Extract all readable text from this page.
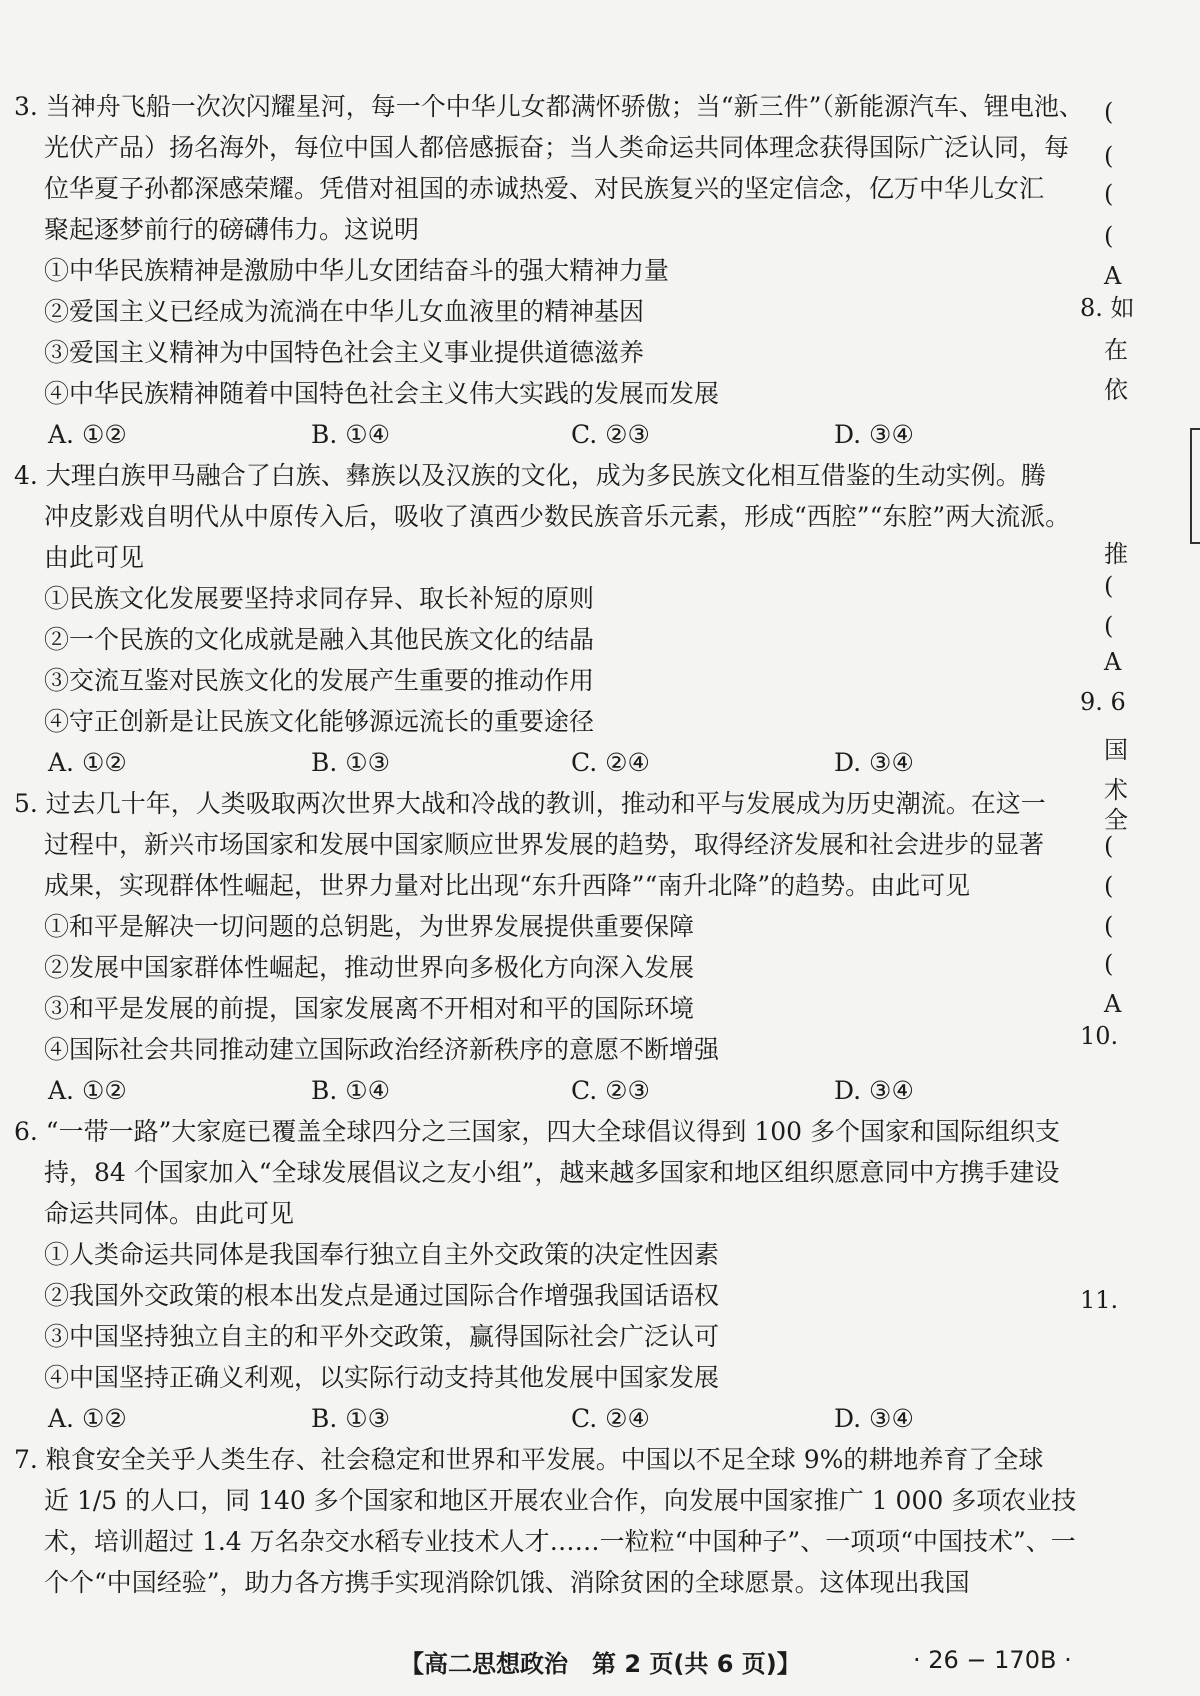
3. 当神舟飞船一次次闪耀星河，每一个中华儿女都满怀骄傲；当“新三件”（新能源汽车、锂电池、
光伏产品）扬名海外，每位中国人都倍感振奋；当人类命运共同体理念获得国际广泛认同，每
位华夏子孙都深感荣耀。凭借对祖国的赤诚热爱、对民族复兴的坚定信念，亿万中华儿女汇
聚起逐梦前行的磅礴伟力。这说明
①中华民族精神是激励中华儿女团结奋斗的强大精神力量
②爱国主义已经成为流淌在中华儿女血液里的精神基因
③爱国主义精神为中国特色社会主义事业提供道德滋养
④中华民族精神随着中国特色社会主义伟大实践的发展而发展
A. ①②	B. ①④	C. ②③	D. ③④
4. 大理白族甲马融合了白族、彝族以及汉族的文化，成为多民族文化相互借鉴的生动实例。腾
冲皮影戏自明代从中原传入后，吸收了滇西少数民族音乐元素，形成“西腔”“东腔”两大流派。
由此可见
①民族文化发展要坚持求同存异、取长补短的原则
②一个民族的文化成就是融入其他民族文化的结晶
③交流互鉴对民族文化的发展产生重要的推动作用
④守正创新是让民族文化能够源远流长的重要途径
A. ①②	B. ①③	C. ②④	D. ③④
5. 过去几十年，人类吸取两次世界大战和冷战的教训，推动和平与发展成为历史潮流。在这一
过程中，新兴市场国家和发展中国家顺应世界发展的趋势，取得经济发展和社会进步的显著
成果，实现群体性崛起，世界力量对比出现“东升西降”“南升北降”的趋势。由此可见
①和平是解决一切问题的总钥匙，为世界发展提供重要保障
②发展中国家群体性崛起，推动世界向多极化方向深入发展
③和平是发展的前提，国家发展离不开相对和平的国际环境
④国际社会共同推动建立国际政治经济新秩序的意愿不断增强
A. ①②	B. ①④	C. ②③	D. ③④
6. “一带一路”大家庭已覆盖全球四分之三国家，四大全球倡议得到 100 多个国家和国际组织支
持，84 个国家加入“全球发展倡议之友小组”，越来越多国家和地区组织愿意同中方携手建设
命运共同体。由此可见
①人类命运共同体是我国奉行独立自主外交政策的决定性因素
②我国外交政策的根本出发点是通过国际合作增强我国话语权
③中国坚持独立自主的和平外交政策，赢得国际社会广泛认可
④中国坚持正确义利观，以实际行动支持其他发展中国家发展
A. ①②	B. ①③	C. ②④	D. ③④
7. 粮食安全关乎人类生存、社会稳定和世界和平发展。中国以不足全球 9%的耕地养育了全球
近 1/5 的人口，同 140 多个国家和地区开展农业合作，向发展中国家推广 1 000 多项农业技
术，培训超过 1.4 万名杂交水稻专业技术人才……一粒粒“中国种子”、一项项“中国技术”、一
个个“中国经验”，助力各方携手实现消除饥饿、消除贫困的全球愿景。这体现出我国
(
(
(
(
A
8. 如
在
依
推
(
(
A
9. 6
国
术
全
(
(
(
(
A
10.
11.
【高二思想政治　第 2 页(共 6 页)】	· 26 − 170B ·
